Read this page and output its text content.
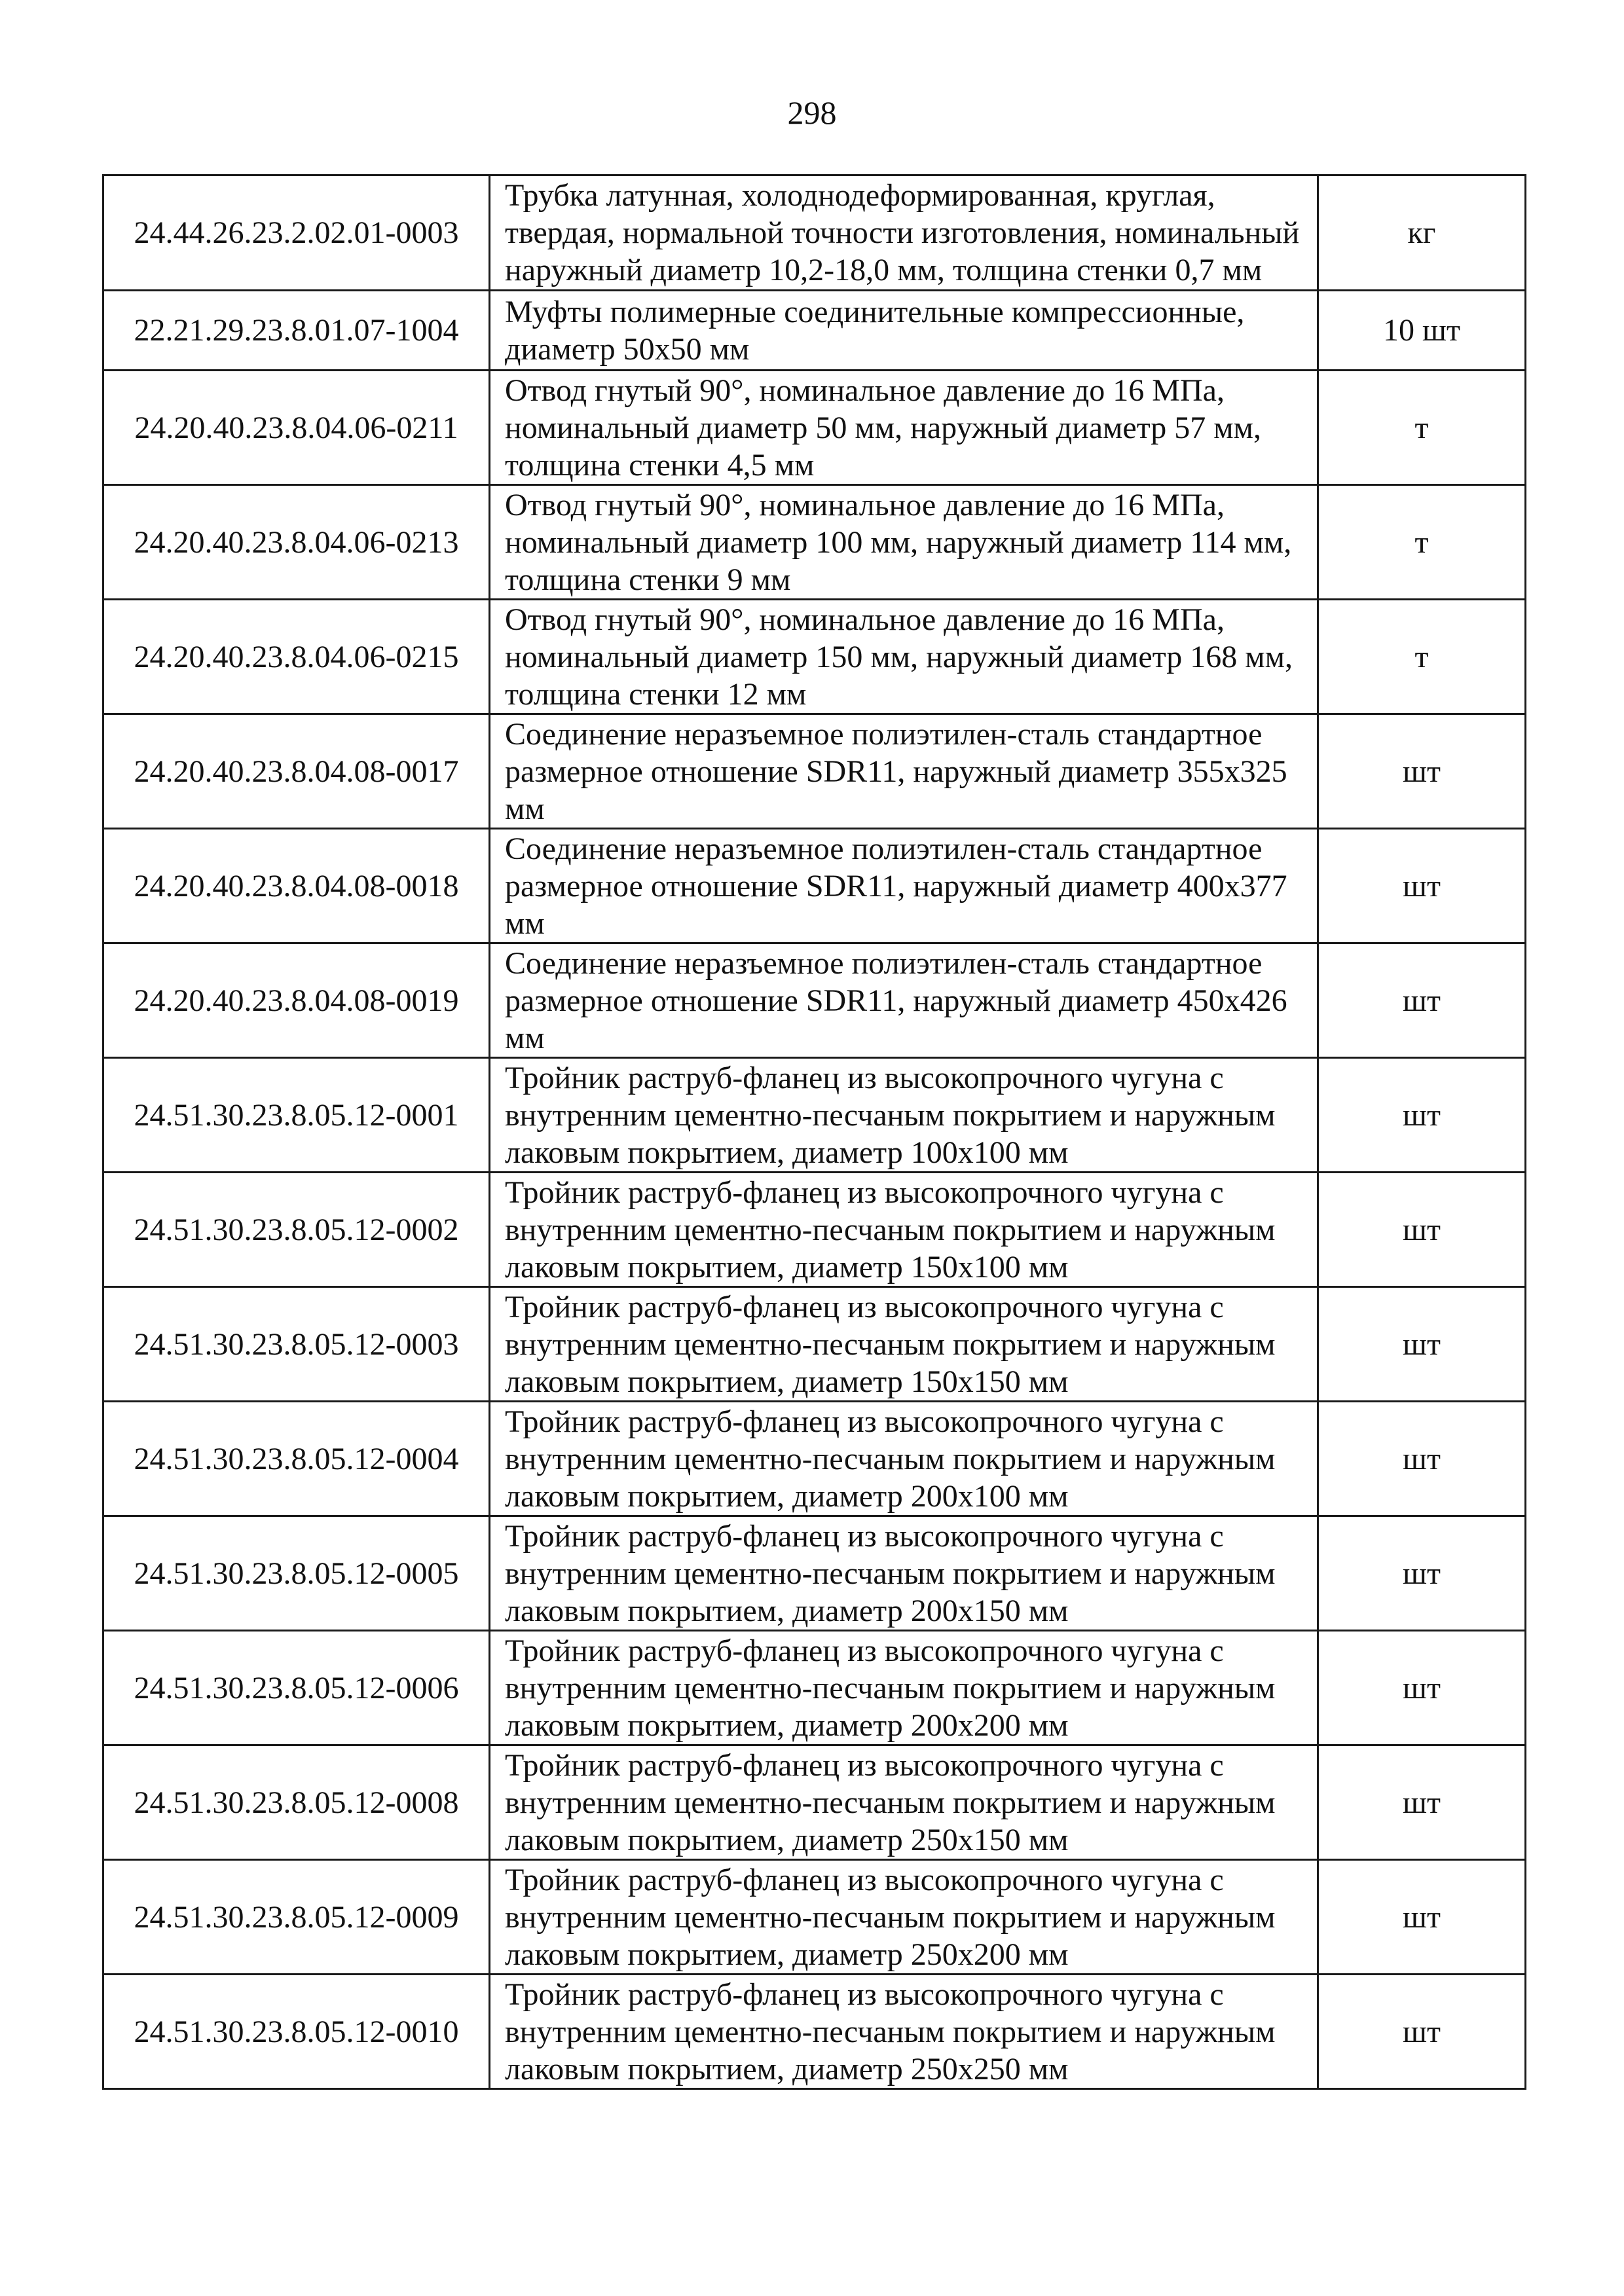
298
24.44.26.23.2.02.01-0003	Трубка латунная, холоднодеформированная, круглая, твердая, нормальной точности изготовления, номинальный наружный диаметр 10,2-18,0 мм, толщина стенки 0,7 мм	кг
22.21.29.23.8.01.07-1004	Муфты полимерные соединительные компрессионные, диаметр 50х50 мм	10 шт
24.20.40.23.8.04.06-0211	Отвод гнутый 90°, номинальное давление до 16 МПа, номинальный диаметр 50 мм, наружный диаметр 57 мм, толщина стенки 4,5 мм	т
24.20.40.23.8.04.06-0213	Отвод гнутый 90°, номинальное давление до 16 МПа, номинальный диаметр 100 мм, наружный диаметр 114 мм, толщина стенки 9 мм	т
24.20.40.23.8.04.06-0215	Отвод гнутый 90°, номинальное давление до 16 МПа, номинальный диаметр 150 мм, наружный диаметр 168 мм, толщина стенки 12 мм	т
24.20.40.23.8.04.08-0017	Соединение неразъемное полиэтилен-сталь стандартное размерное отношение SDR11, наружный диаметр 355х325 мм	шт
24.20.40.23.8.04.08-0018	Соединение неразъемное полиэтилен-сталь стандартное размерное отношение SDR11, наружный диаметр 400х377 мм	шт
24.20.40.23.8.04.08-0019	Соединение неразъемное полиэтилен-сталь стандартное размерное отношение SDR11, наружный диаметр 450х426 мм	шт
24.51.30.23.8.05.12-0001	Тройник раструб-фланец из высокопрочного чугуна с внутренним цементно-песчаным покрытием и наружным лаковым покрытием, диаметр 100х100 мм	шт
24.51.30.23.8.05.12-0002	Тройник раструб-фланец из высокопрочного чугуна с внутренним цементно-песчаным покрытием и наружным лаковым покрытием, диаметр 150х100 мм	шт
24.51.30.23.8.05.12-0003	Тройник раструб-фланец из высокопрочного чугуна с внутренним цементно-песчаным покрытием и наружным лаковым покрытием, диаметр 150х150 мм	шт
24.51.30.23.8.05.12-0004	Тройник раструб-фланец из высокопрочного чугуна с внутренним цементно-песчаным покрытием и наружным лаковым покрытием, диаметр 200х100 мм	шт
24.51.30.23.8.05.12-0005	Тройник раструб-фланец из высокопрочного чугуна с внутренним цементно-песчаным покрытием и наружным лаковым покрытием, диаметр 200х150 мм	шт
24.51.30.23.8.05.12-0006	Тройник раструб-фланец из высокопрочного чугуна с внутренним цементно-песчаным покрытием и наружным лаковым покрытием, диаметр 200х200 мм	шт
24.51.30.23.8.05.12-0008	Тройник раструб-фланец из высокопрочного чугуна с внутренним цементно-песчаным покрытием и наружным лаковым покрытием, диаметр 250х150 мм	шт
24.51.30.23.8.05.12-0009	Тройник раструб-фланец из высокопрочного чугуна с внутренним цементно-песчаным покрытием и наружным лаковым покрытием, диаметр 250х200 мм	шт
24.51.30.23.8.05.12-0010	Тройник раструб-фланец из высокопрочного чугуна с внутренним цементно-песчаным покрытием и наружным лаковым покрытием, диаметр 250х250 мм	шт
